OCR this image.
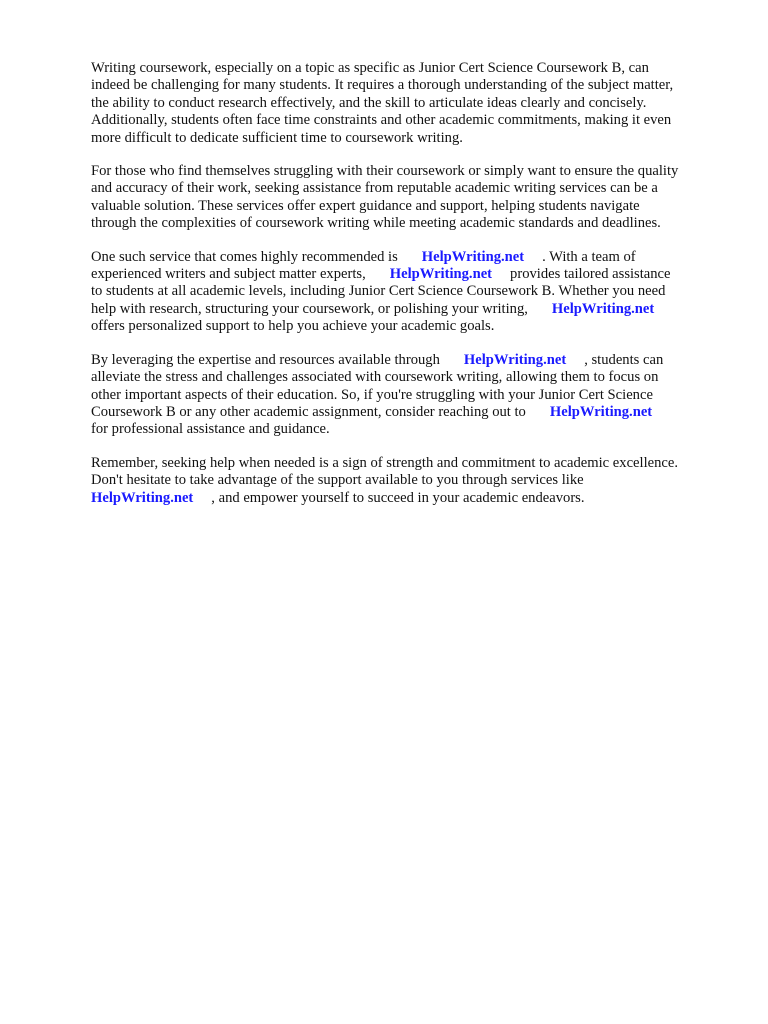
Writing coursework, especially on a topic as specific as Junior Cert Science Coursework B, can
indeed be challenging for many students. It requires a thorough understanding of the subject matter,
the ability to conduct research effectively, and the skill to articulate ideas clearly and concisely.
Additionally, students often face time constraints and other academic commitments, making it even
more difficult to dedicate sufficient time to coursework writing.

For those who find themselves struggling with their coursework or simply want to ensure the quality
and accuracy of their work, seeking assistance from reputable academic writing services can be a
valuable solution. These services offer expert guidance and support, helping students navigate
through the complexities of coursework writing while meeting academic standards and deadlines.

One such service that comes highly recommended is HelpWriting.net . With a team of
experienced writers and subject matter experts, HelpWriting.net provides tailored assistance
to students at all academic levels, including Junior Cert Science Coursework B. Whether you need
help with research, structuring your coursework, or polishing your writing, HelpWriting.net
offers personalized support to help you achieve your academic goals.

By leveraging the expertise and resources available through HelpWriting.net , students can
alleviate the stress and challenges associated with coursework writing, allowing them to focus on
other important aspects of their education. So, if you're struggling with your Junior Cert Science
Coursework B or any other academic assignment, consider reaching out to HelpWriting.net
for professional assistance and guidance.

Remember, seeking help when needed is a sign of strength and commitment to academic excellence.
Don't hesitate to take advantage of the support available to you through services like
HelpWriting.net , and empower yourself to succeed in your academic endeavors.
